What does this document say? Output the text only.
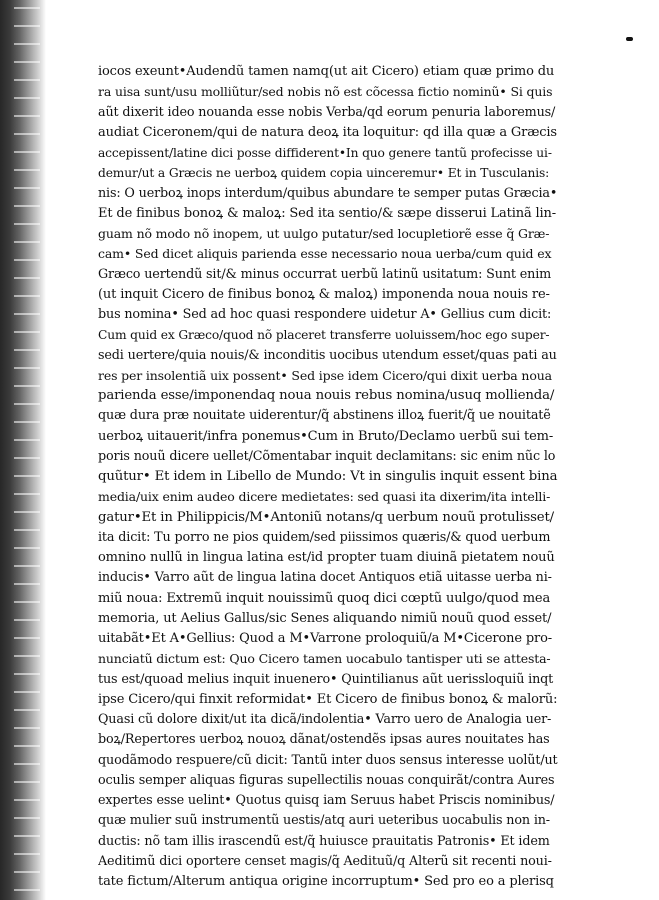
iocos exeunt•Audendũ tamen namq(ut ait Cicero) etiam quæ primo du
ra uisa sunt/usu molliũtur/sed nobis nõ est cõcessa fictio nominũ• Si quis
aũt dixerit ideo nouanda esse nobis Verba/qd eorum penuria laboremus/
audiat Ciceronem/qui de natura deoꝝ ita loquitur: qd illa quæ a Græcis
accepissent/latine dici posse diffiderent•In quo genere tantũ profecisse ui-
demur/ut a Græcis ne uerboꝝ quidem copia uinceremur• Et in Tusculanis:
nis: O uerboꝝ inops interdum/quibus abundare te semper putas Græcia•
Et de finibus bonoꝝ & maloꝝ: Sed ita sentio/& sæpe disserui Latinã lin-
guam nõ modo nõ inopem, ut uulgo putatur/sed locupletiorẽ esse q̃ Græ-
cam• Sed dicet aliquis pariendа esse necessario noua uerba/cum quid ex
Græco uertendũ sit/& minus occurrat uerbũ latinũ usitatum: Sunt enim
(ut inquit Cicero de finibus bonoꝝ & maloꝝ) imponenda noua nouis re-
bus nomina• Sed ad hoc quasi respondere uidetur A• Gellius cum dicit:
Cum quid ex Græco/quod nõ placeret transferre uoluissem/hoc ego super-
sedi uertere/quia nouis/& inconditis uocibus utendum esset/quas pati au
res per insolentiã uix possent• Sed ipse idem Cicero/qui dixit uerba noua
parienda esse/imponendaq noua nouis rebus nomina/usuq molliendа/
quæ dura præ nouitate uiderentur/q̃ abstinens illoꝝ fuerit/q̃ ue nouitatẽ
uerboꝝ uitauerit/infra ponemus•Cum in Bruto/Declamo uerbũ sui tem-
poris nouũ dicere uellet/Cõmentabar inquit declamitans: sic enim nũc lo
quũtur• Et idem in Libello de Mundo: Vt in singulis inquit essent bina
media/uix enim audeo dicere medietates: sed quasi ita dixerim/ita intelli-
gatur•Et in Philippicis/M•Antoniũ notans/q uerbum nouũ protulisset/
ita dicit: Tu porro ne pios quidem/sed piissimos quæris/& quod uerbum
omnino nullũ in lingua latina est/id propter tuam diuinã pietatem nouũ
inducis• Varro aũt de lingua latina docet Antiquos etiã uitasse uerba ni-
miũ noua: Extremũ inquit nouissimũ quoq dici cœptũ uulgo/quod mea
memoria, ut Aelius Gallus/sic Senes aliquando nimiũ nouũ quod esset/
uitabãt•Et A•Gellius: Quod a M•Varrone proloquiũ/a M•Cicerone pro-
nunciatũ dictum est: Quo Cicero tamen uocabulo tantisper uti se attesta-
tus est/quoad melius inquit inuenero• Quintilianus aũt uerissloquiũ inqt
ipse Cicero/qui finxit reformidat• Et Cicero de finibus bonoꝝ & malorũ:
Quasi cũ dolore dixit/ut ita dicã/indolentia• Varro uero de Analogia uer-
boꝝ/Repertores uerboꝝ nouoꝝ dãnat/ostendẽs ipsas aures nouitates has
quodãmodo respuere/cũ dicit: Tantũ inter duos sensus interesse uolũt/ut
oculis semper aliquas figuras supellectilis nouas conquirãt/contra Aures
expertes esse uelint• Quotus quisq iam Seruus habet Priscis nominibus/
quæ mulier suũ instrumentũ uestis/atq auri ueteribus uocabulis non in-
ductis: nõ tam illis irascendũ est/q̃ huiusce prauitatis Patronis• Et idem
Aeditimũ dici oportere censet magis/q̃ Aedituũ/q Alterũ sit recenti noui-
tate fictum/Alterum antiqua origine incorruptum• Sed pro eo a plerisq
